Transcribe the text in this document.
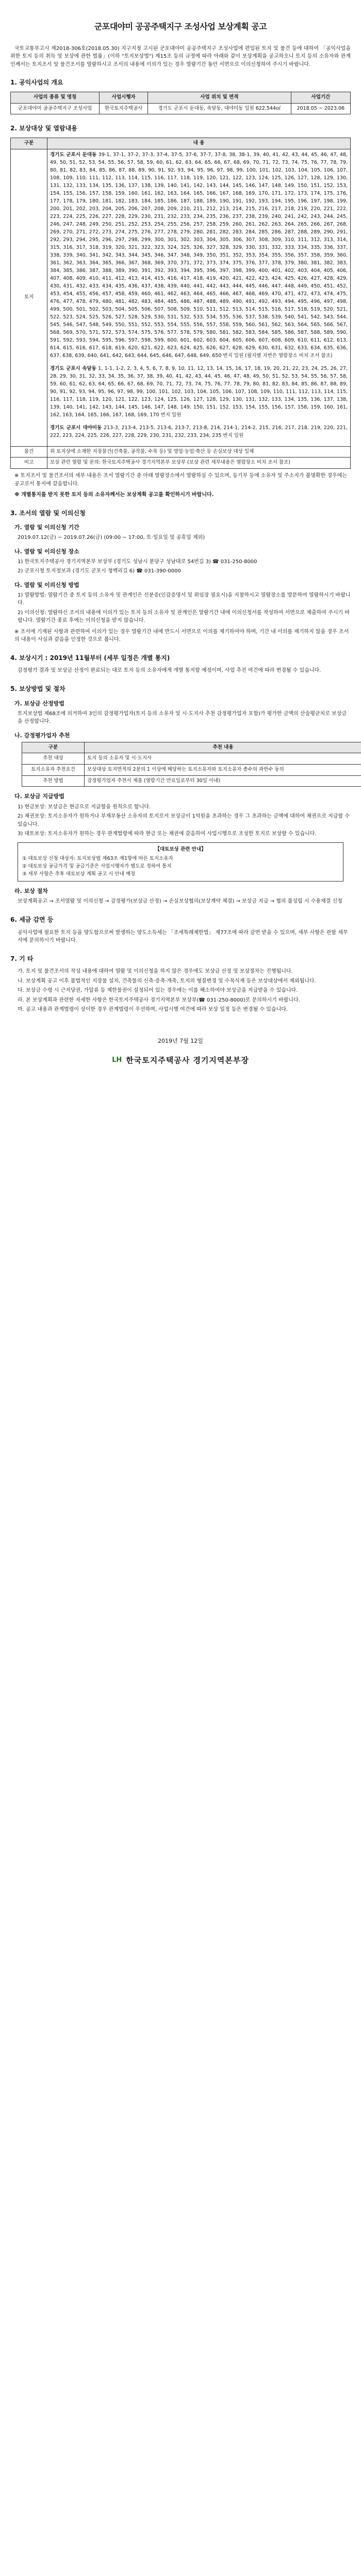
군포대야미 공공주택지구 조성사업 보상계획 공고

국토교통부고시 제2018-306호(2018.05.30) 지구지정 고시된 군포대야미 공공주택지구 조성사업에 편입된 토지 및 물건 등에 대하여 「공익사업을 위한 토지 등의 취득 및 보상에 관한 법률」(이하 "토지보상법") 제15조 등의 규정에 따라 아래와 같이 보상계획을 공고하오니 토지 등의 소유자와 관계인께서는 토지조서 및 물건조서를 열람하시고 조서의 내용에 이의가 있는 경우 열람기간 동안 서면으로 이의신청하여 주시기 바랍니다.

1. 공익사업의 개요
사업의 종류 및 명칭	사업시행자	사업 위치 및 면적	사업기간
군포대야미 공공주택지구 조성사업	한국토지주택공사	경기도 군포시 둔대동, 속달동, 대야미동 일원 622,544㎡	2018.05 ~ 2023.06
2. 보상대상 및 열람내용
구분	내 용
토지	경기도 군포시 둔대동 39-1, 37-1, 37-2, 37-3, 37-4, 37-5, 37-6, 37-7, 37-8, 38, 38-1, 39, 40, 41, 42, 43, 44, 45, 46, 47, 48, 49, 50, 51, 52, 53, 54, 55, 56, 57, 58, 59, 60, 61, 62, 63, 64, 65, 66, 67, 68, 69, 70, 71, 72, 73, 74, 75, 76, 77, 78, 79, 80, 81, 82, 83, 84, 85, 86, 87, 88, 89, 90, 91, 92, 93, 94, 95, 96, 97, 98, 99, 100, 101, 102, 103, 104, 105, 106, 107, 108, 109, 110, 111, 112, 113, 114, 115, 116, 117, 118, 119, 120, 121, 122, 123, 124, 125, 126, 127, 128, 129, 130, 131, 132, 133, 134, 135, 136, 137, 138, 139, 140, 141, 142, 143, 144, 145, 146, 147, 148, 149, 150, 151, 152, 153, 154, 155, 156, 157, 158, 159, 160, 161, 162, 163, 164, 165, 166, 167, 168, 169, 170, 171, 172, 173, 174, 175, 176, 177, 178, 179, 180, 181, 182, 183, 184, 185, 186, 187, 188, 189, 190, 191, 192, 193, 194, 195, 196, 197, 198, 199, 200, 201, 202, 203, 204, 205, 206, 207, 208, 209, 210, 211, 212, 213, 214, 215, 216, 217, 218, 219, 220, 221, 222, 223, 224, 225, 226, 227, 228, 229, 230, 231, 232, 233, 234, 235, 236, 237, 238, 239, 240, 241, 242, 243, 244, 245, 246, 247, 248, 249, 250, 251, 252, 253, 254, 255, 256, 257, 258, 259, 260, 261, 262, 263, 264, 265, 266, 267, 268, 269, 270, 271, 272, 273, 274, 275, 276, 277, 278, 279, 280, 281, 282, 283, 284, 285, 286, 287, 288, 289, 290, 291, 292, 293, 294, 295, 296, 297, 298, 299, 300, 301, 302, 303, 304, 305, 306, 307, 308, 309, 310, 311, 312, 313, 314, 315, 316, 317, 318, 319, 320, 321, 322, 323, 324, 325, 326, 327, 328, 329, 330, 331, 332, 333, 334, 335, 336, 337, 338, 339, 340, 341, 342, 343, 344, 345, 346, 347, 348, 349, 350, 351, 352, 353, 354, 355, 356, 357, 358, 359, 360, 361, 362, 363, 364, 365, 366, 367, 368, 369, 370, 371, 372, 373, 374, 375, 376, 377, 378, 379, 380, 381, 382, 383, 384, 385, 386, 387, 388, 389, 390, 391, 392, 393, 394, 395, 396, 397, 398, 399, 400, 401, 402, 403, 404, 405, 406, 407, 408, 409, 410, 411, 412, 413, 414, 415, 416, 417, 418, 419, 420, 421, 422, 423, 424, 425, 426, 427, 428, 429, 430, 431, 432, 433, 434, 435, 436, 437, 438, 439, 440, 441, 442, 443, 444, 445, 446, 447, 448, 449, 450, 451, 452, 453, 454, 455, 456, 457, 458, 459, 460, 461, 462, 463, 464, 465, 466, 467, 468, 469, 470, 471, 472, 473, 474, 475, 476, 477, 478, 479, 480, 481, 482, 483, 484, 485, 486, 487, 488, 489, 490, 491, 492, 493, 494, 495, 496, 497, 498, 499, 500, 501, 502, 503, 504, 505, 506, 507, 508, 509, 510, 511, 512, 513, 514, 515, 516, 517, 518, 519, 520, 521, 522, 523, 524, 525, 526, 527, 528, 529, 530, 531, 532, 533, 534, 535, 536, 537, 538, 539, 540, 541, 542, 543, 544, 545, 546, 547, 548, 549, 550, 551, 552, 553, 554, 555, 556, 557, 558, 559, 560, 561, 562, 563, 564, 565, 566, 567, 568, 569, 570, 571, 572, 573, 574, 575, 576, 577, 578, 579, 580, 581, 582, 583, 584, 585, 586, 587, 588, 589, 590, 591, 592, 593, 594, 595, 596, 597, 598, 599, 600, 601, 602, 603, 604, 605, 606, 607, 608, 609, 610, 611, 612, 613, 614, 615, 616, 617, 618, 619, 620, 621, 622, 623, 624, 625, 626, 627, 628, 629, 630, 631, 632, 633, 634, 635, 636, 637, 638, 639, 640, 641, 642, 643, 644, 645, 646, 647, 648, 649, 650 번지 일원 (필지별 지번은 열람장소 비치 조서 참조)
경기도 군포시 속달동 1, 1-1, 1-2, 2, 3, 4, 5, 6, 7, 8, 9, 10, 11, 12, 13, 14, 15, 16, 17, 18, 19, 20, 21, 22, 23, 24, 25, 26, 27, 28, 29, 30, 31, 32, 33, 34, 35, 36, 37, 38, 39, 40, 41, 42, 43, 44, 45, 46, 47, 48, 49, 50, 51, 52, 53, 54, 55, 56, 57, 58, 59, 60, 61, 62, 63, 64, 65, 66, 67, 68, 69, 70, 71, 72, 73, 74, 75, 76, 77, 78, 79, 80, 81, 82, 83, 84, 85, 86, 87, 88, 89, 90, 91, 92, 93, 94, 95, 96, 97, 98, 99, 100, 101, 102, 103, 104, 105, 106, 107, 108, 109, 110, 111, 112, 113, 114, 115, 116, 117, 118, 119, 120, 121, 122, 123, 124, 125, 126, 127, 128, 129, 130, 131, 132, 133, 134, 135, 136, 137, 138, 139, 140, 141, 142, 143, 144, 145, 146, 147, 148, 149, 150, 151, 152, 153, 154, 155, 156, 157, 158, 159, 160, 161, 162, 163, 164, 165, 166, 167, 168, 169, 170 번지 일원
경기도 군포시 대야미동 213-3, 213-4, 213-5, 213-6, 213-7, 213-8, 214, 214-1, 214-2, 215, 216, 217, 218, 219, 220, 221, 222, 223, 224, 225, 226, 227, 228, 229, 230, 231, 232, 233, 234, 235 번지 일원

물건	위 토지상에 소재한 지장물건(건축물, 공작물, 수목 등) 및 영업·농업·축산 등 손실보상 대상 일체
비고	보상 관련 열람 및 문의: 한국토지주택공사 경기지역본부 보상부 (보상 관련 세부내용은 열람장소 비치 조서 참조)
※ 토지조서 및 물건조서의 세부 내용은 조서 열람기간 중 아래 열람장소에서 열람하실 수 있으며, 등기부 등에 소유자 및 주소지가 불명확한 경우에는 공고로서 통지에 갈음합니다.
※ 개별통지를 받지 못한 토지 등의 소유자께서는 보상계획 공고를 확인하시기 바랍니다.
3. 조서의 열람 및 이의신청
가. 열람 및 이의신청 기간
2019.07.12(금) ~ 2019.07.26(금) (09:00 ~ 17:00, 토·일요일 및 공휴일 제외)
나. 열람 및 이의신청 장소
1) 한국토지주택공사 경기지역본부 보상부 (경기도 성남시 분당구 성남대로 54번길 3) ☎ 031-250-8000
2) 군포시청 토지정보과 (경기도 군포시 청백리길 6) ☎ 031-390-0000
다. 열람 및 이의신청 방법
1) 열람방법: 열람기간 중 토지 등의 소유자 및 관계인은 신분증(인감증명서 및 위임장 필요시)을 지참하시고 열람장소를 방문하여 열람하시기 바랍니다.
2) 이의신청: 열람하신 조서의 내용에 이의가 있는 토지 등의 소유자 및 관계인은 열람기간 내에 이의신청서를 작성하여 서면으로 제출하여 주시기 바랍니다. 열람기간 종료 후에는 이의신청을 받지 않습니다.
※ 조서에 기재된 사항과 관련하여 이의가 있는 경우 열람기간 내에 반드시 서면으로 이의를 제기하여야 하며, 기간 내 이의를 제기하지 않을 경우 조서의 내용이 사실과 같음을 인정한 것으로 봅니다.
4. 보상시기 : 2019년 11월부터 (세부 일정은 개별 통지)
감정평가 결과 및 보상금 산정이 완료되는 대로 토지 등의 소유자에게 개별 통지할 예정이며, 사업 추진 여건에 따라 변경될 수 있습니다.
5. 보상방법 및 절차
가. 보상금 산정방법
토지보상법 제68조에 의거하여 3인의 감정평가업자(토지 등의 소유자 및 시·도지사 추천 감정평가업자 포함)가 평가한 금액의 산술평균치로 보상금을 산정합니다.
나. 감정평가업자 추천
구분	추천 내용
추천 대상	토지 등의 소유자 및 시·도지사
토지소유자 추천요건	보상대상 토지면적의 2분의 1 이상에 해당하는 토지소유자와 토지소유자 총수의 과반수 동의
추천 방법	감정평가업자 추천서 제출 (열람기간 만료일로부터 30일 이내)
다. 보상금 지급방법
1) 현금보상: 보상금은 현금으로 지급함을 원칙으로 합니다.
2) 채권보상: 토지소유자가 원하거나 부재부동산 소유자의 토지로서 보상금이 1억원을 초과하는 경우 그 초과하는 금액에 대하여 채권으로 지급할 수 있습니다.
3) 대토보상: 토지소유자가 원하는 경우 관계법령에 따라 현금 또는 채권에 갈음하여 사업시행으로 조성한 토지로 보상할 수 있습니다.
【대토보상 관련 안내】
① 대토보상 신청 대상자: 토지보상법 제63조 제1항에 따른 토지소유자
② 대토보상 공급가격 및 공급기준은 사업시행자가 별도로 정하여 통지
③ 세부 사항은 추후 대토보상 계획 공고 시 안내 예정
라. 보상 절차
보상계획공고 → 조서열람 및 이의신청 → 감정평가(보상금 산정) → 손실보상협의(보상계약 체결) → 보상금 지급 → 협의 불성립 시 수용재결 신청
6. 세금 감면 등
공익사업에 필요한 토지 등을 양도함으로써 발생하는 양도소득세는 「조세특례제한법」 제77조에 따라 감면 받을 수 있으며, 세부 사항은 관할 세무서에 문의하시기 바랍니다.
7. 기 타
가. 토지 및 물건조서의 작성 내용에 대하여 열람 및 이의신청을 하지 않은 경우에도 보상금 산정 및 보상절차는 진행됩니다.
나. 보상계획 공고 이후 불법적인 지장물 설치, 건축물의 신축·증축·개축, 토지의 형질변경 및 수목식재 등은 보상대상에서 제외됩니다.
다. 보상금 수령 시 근저당권, 가압류 등 제한물권이 설정되어 있는 경우에는 이를 해소하여야 보상금을 지급받을 수 있습니다.
라. 본 보상계획과 관련한 자세한 사항은 한국토지주택공사 경기지역본부 보상부(☎ 031-250-8000)로 문의하시기 바랍니다.
마. 공고 내용과 관계법령이 상이한 경우 관계법령이 우선하며, 사업시행 여건에 따라 보상 일정 등은 변경될 수 있습니다.
2019년 7월 12일
LH 한국토지주택공사 경기지역본부장
